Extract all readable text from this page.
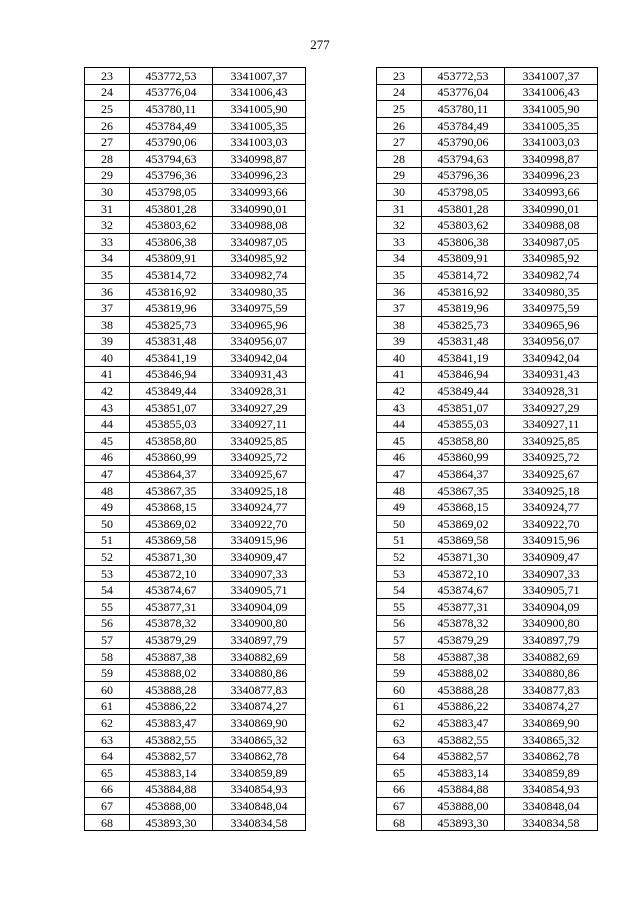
277
23	453772,53	3341007,37
24	453776,04	3341006,43
25	453780,11	3341005,90
26	453784,49	3341005,35
27	453790,06	3341003,03
28	453794,63	3340998,87
29	453796,36	3340996,23
30	453798,05	3340993,66
31	453801,28	3340990,01
32	453803,62	3340988,08
33	453806,38	3340987,05
34	453809,91	3340985,92
35	453814,72	3340982,74
36	453816,92	3340980,35
37	453819,96	3340975,59
38	453825,73	3340965,96
39	453831,48	3340956,07
40	453841,19	3340942,04
41	453846,94	3340931,43
42	453849,44	3340928,31
43	453851,07	3340927,29
44	453855,03	3340927,11
45	453858,80	3340925,85
46	453860,99	3340925,72
47	453864,37	3340925,67
48	453867,35	3340925,18
49	453868,15	3340924,77
50	453869,02	3340922,70
51	453869,58	3340915,96
52	453871,30	3340909,47
53	453872,10	3340907,33
54	453874,67	3340905,71
55	453877,31	3340904,09
56	453878,32	3340900,80
57	453879,29	3340897,79
58	453887,38	3340882,69
59	453888,02	3340880,86
60	453888,28	3340877,83
61	453886,22	3340874,27
62	453883,47	3340869,90
63	453882,55	3340865,32
64	453882,57	3340862,78
65	453883,14	3340859,89
66	453884,88	3340854,93
67	453888,00	3340848,04
68	453893,30	3340834,58
23	453772,53	3341007,37
24	453776,04	3341006,43
25	453780,11	3341005,90
26	453784,49	3341005,35
27	453790,06	3341003,03
28	453794,63	3340998,87
29	453796,36	3340996,23
30	453798,05	3340993,66
31	453801,28	3340990,01
32	453803,62	3340988,08
33	453806,38	3340987,05
34	453809,91	3340985,92
35	453814,72	3340982,74
36	453816,92	3340980,35
37	453819,96	3340975,59
38	453825,73	3340965,96
39	453831,48	3340956,07
40	453841,19	3340942,04
41	453846,94	3340931,43
42	453849,44	3340928,31
43	453851,07	3340927,29
44	453855,03	3340927,11
45	453858,80	3340925,85
46	453860,99	3340925,72
47	453864,37	3340925,67
48	453867,35	3340925,18
49	453868,15	3340924,77
50	453869,02	3340922,70
51	453869,58	3340915,96
52	453871,30	3340909,47
53	453872,10	3340907,33
54	453874,67	3340905,71
55	453877,31	3340904,09
56	453878,32	3340900,80
57	453879,29	3340897,79
58	453887,38	3340882,69
59	453888,02	3340880,86
60	453888,28	3340877,83
61	453886,22	3340874,27
62	453883,47	3340869,90
63	453882,55	3340865,32
64	453882,57	3340862,78
65	453883,14	3340859,89
66	453884,88	3340854,93
67	453888,00	3340848,04
68	453893,30	3340834,58
